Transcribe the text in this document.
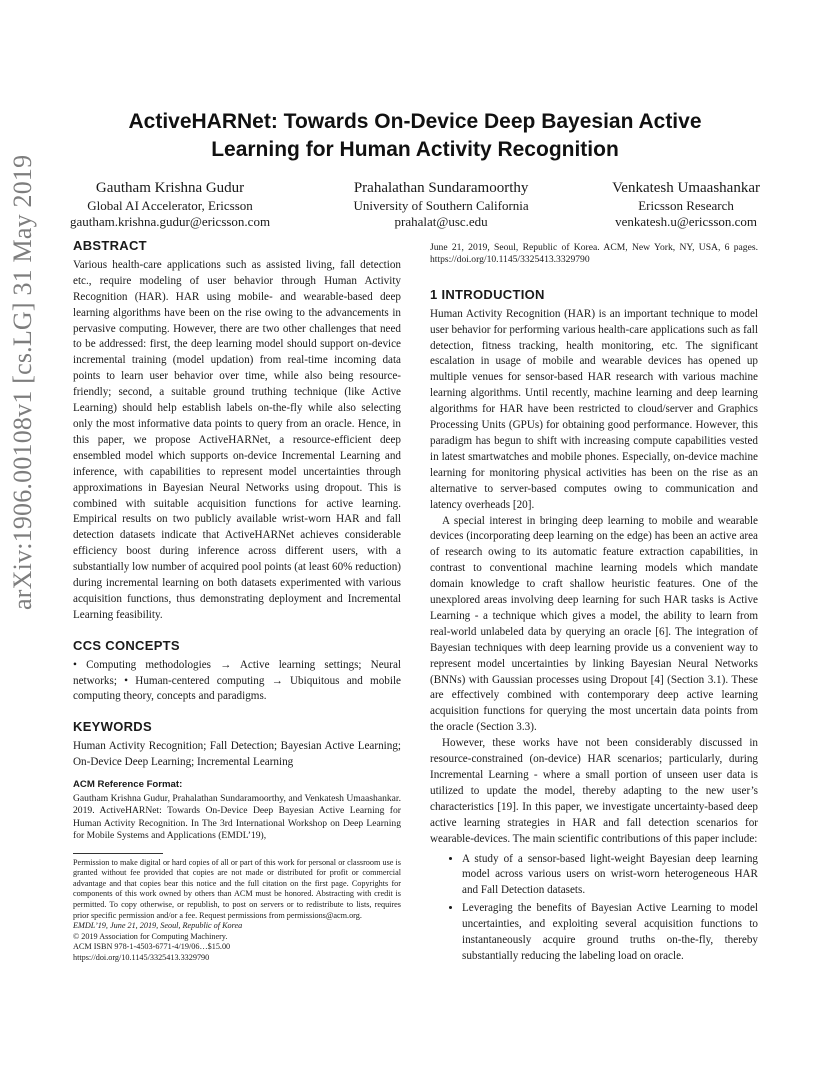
arXiv:1906.00108v1 [cs.LG] 31 May 2019
ActiveHARNet: Towards On-Device Deep Bayesian Active
Learning for Human Activity Recognition
Gautham Krishna Gudur
Global AI Accelerator, Ericsson
gautham.krishna.gudur@ericsson.com
Prahalathan Sundaramoorthy
University of Southern California
prahalat@usc.edu
Venkatesh Umaashankar
Ericsson Research
venkatesh.u@ericsson.com
ABSTRACT

Various health-care applications such as assisted living, fall detection etc., require modeling of user behavior through Human Activity Recognition (HAR). HAR using mobile- and wearable-based deep learning algorithms have been on the rise owing to the advancements in pervasive computing. However, there are two other challenges that need to be addressed: first, the deep learning model should support on-device incremental training (model updation) from real-time incoming data points to learn user behavior over time, while also being resource-friendly; second, a suitable ground truthing technique (like Active Learning) should help establish labels on-the-fly while also selecting only the most informative data points to query from an oracle. Hence, in this paper, we propose ActiveHARNet, a resource-efficient deep ensembled model which supports on-device Incremental Learning and inference, with capabilities to represent model uncertainties through approximations in Bayesian Neural Networks using dropout. This is combined with suitable acquisition functions for active learning. Empirical results on two publicly available wrist-worn HAR and fall detection datasets indicate that ActiveHARNet achieves considerable efficiency boost during inference across different users, with a substantially low number of acquired pool points (at least 60% reduction) during incremental learning on both datasets experimented with various acquisition functions, thus demonstrating deployment and Incremental Learning feasibility.

CCS CONCEPTS

• Computing methodologies → Active learning settings; Neural networks; • Human-centered computing → Ubiquitous and mobile computing theory, concepts and paradigms.

KEYWORDS

Human Activity Recognition; Fall Detection; Bayesian Active Learning; On-Device Deep Learning; Incremental Learning

ACM Reference Format:

Gautham Krishna Gudur, Prahalathan Sundaramoorthy, and Venkatesh Umaashankar. 2019. ActiveHARNet: Towards On-Device Deep Bayesian Active Learning for Human Activity Recognition. In The 3rd International Workshop on Deep Learning for Mobile Systems and Applications (EMDL’19),

Permission to make digital or hard copies of all or part of this work for personal or classroom use is granted without fee provided that copies are not made or distributed for profit or commercial advantage and that copies bear this notice and the full citation on the first page. Copyrights for components of this work owned by others than ACM must be honored. Abstracting with credit is permitted. To copy otherwise, or republish, to post on servers or to redistribute to lists, requires prior specific permission and/or a fee. Request permissions from permissions@acm.org.

EMDL’19, June 21, 2019, Seoul, Republic of Korea

© 2019 Association for Computing Machinery.

ACM ISBN 978-1-4503-6771-4/19/06…$15.00

https://doi.org/10.1145/3325413.3329790

June 21, 2019, Seoul, Republic of Korea. ACM, New York, NY, USA, 6 pages. https://doi.org/10.1145/3325413.3329790

1 INTRODUCTION

Human Activity Recognition (HAR) is an important technique to model user behavior for performing various health-care applications such as fall detection, fitness tracking, health monitoring, etc. The significant escalation in usage of mobile and wearable devices has opened up multiple venues for sensor-based HAR research with various machine learning algorithms. Until recently, machine learning and deep learning algorithms for HAR have been restricted to cloud/server and Graphics Processing Units (GPUs) for obtaining good performance. However, this paradigm has begun to shift with increasing compute capabilities vested in latest smartwatches and mobile phones. Especially, on-device machine learning for monitoring physical activities has been on the rise as an alternative to server-based computes owing to communication and latency overheads [20].

A special interest in bringing deep learning to mobile and wearable devices (incorporating deep learning on the edge) has been an active area of research owing to its automatic feature extraction capabilities, in contrast to conventional machine learning models which mandate domain knowledge to craft shallow heuristic features. One of the unexplored areas involving deep learning for such HAR tasks is Active Learning - a technique which gives a model, the ability to learn from real-world unlabeled data by querying an oracle [6]. The integration of Bayesian techniques with deep learning provide us a convenient way to represent model uncertainties by linking Bayesian Neural Networks (BNNs) with Gaussian processes using Dropout [4] (Section 3.1). These are effectively combined with contemporary deep active learning acquisition functions for querying the most uncertain data points from the oracle (Section 3.3).

However, these works have not been considerably discussed in resource-constrained (on-device) HAR scenarios; particularly, during Incremental Learning - where a small portion of unseen user data is utilized to update the model, thereby adapting to the new user’s characteristics [19]. In this paper, we investigate uncertainty-based deep active learning strategies in HAR and fall detection scenarios for wearable-devices. The main scientific contributions of this paper include:

• A study of a sensor-based light-weight Bayesian deep learning model across various users on wrist-worn heterogeneous HAR and Fall Detection datasets.
• Leveraging the benefits of Bayesian Active Learning to model uncertainties, and exploiting several acquisition functions to instantaneously acquire ground truths on-the-fly, thereby substantially reducing the labeling load on oracle.
